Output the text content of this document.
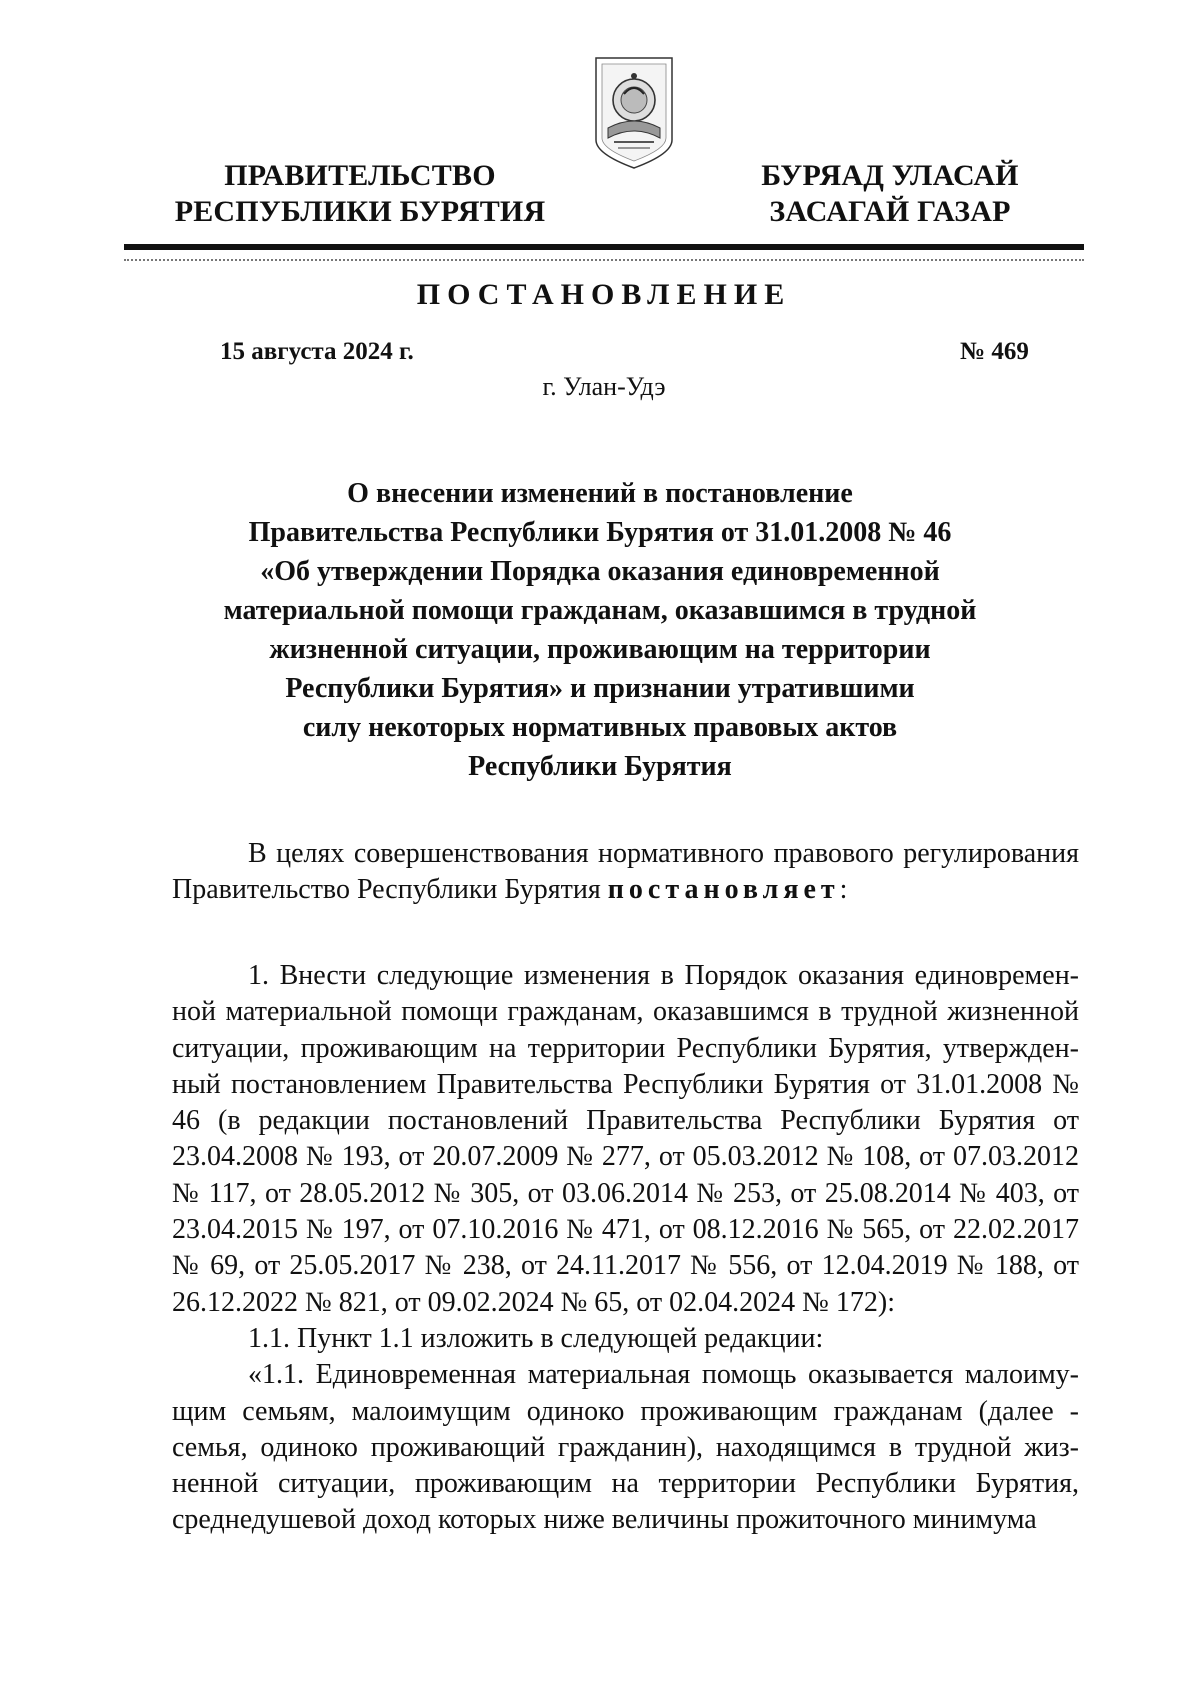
ПРАВИТЕЛЬСТВО
РЕСПУБЛИКИ БУРЯТИЯ
БУРЯАД УЛАСАЙ
ЗАСАГАЙ ГАЗАР
ПОСТАНОВЛЕНИЕ
15 августа 2024 г.	№ 469
г. Улан-Удэ
О внесении изменений в постановление
Правительства Республики Бурятия от 31.01.2008 № 46
«Об утверждении Порядка оказания единовременной
материальной помощи гражданам, оказавшимся в трудной
жизненной ситуации, проживающим на территории
Республики Бурятия» и признании утратившими
силу некоторых нормативных правовых актов
Республики Бурятия

В целях совершенствования нормативного правового регулирования Правительство Республики Бурятия постановляет:

1. Внести следующие изменения в Порядок оказания единовременной материальной помощи гражданам, оказавшимся в трудной жизненной ситуации, проживающим на территории Республики Бурятия, утвержденный постановлением Правительства Республики Бурятия от 31.01.2008 № 46 (в редакции постановлений Правительства Республики Бурятия от 23.04.2008 № 193, от 20.07.2009 № 277, от 05.03.2012 № 108, от 07.03.2012 № 117, от 28.05.2012 № 305, от 03.06.2014 № 253, от 25.08.2014 № 403, от 23.04.2015 № 197, от 07.10.2016 № 471, от 08.12.2016 № 565, от 22.02.2017 № 69, от 25.05.2017 № 238, от 24.11.2017 № 556, от 12.04.2019 № 188, от 26.12.2022 № 821, от 09.02.2024 № 65, от 02.04.2024 № 172):

1.1. Пункт 1.1 изложить в следующей редакции:

«1.1. Единовременная материальная помощь оказывается малоимущим семьям, малоимущим одиноко проживающим гражданам (далее - семья, одиноко проживающий гражданин), находящимся в трудной жизненной ситуации, проживающим на территории Республики Бурятия, среднедушевой доход которых ниже величины прожиточного минимума
